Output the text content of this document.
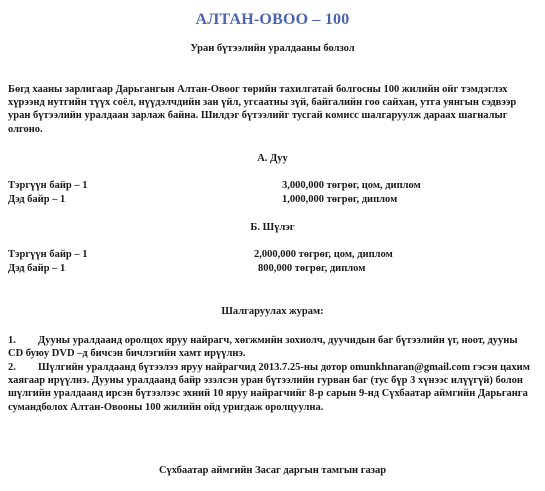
АЛТАН-ОВОО – 100
Уран бүтээлийн уралдааны болзол
Бөгд хааны зарлигаар Дарьгангын Алтан-Овоог төрийн тахилгатай болгосны 100 жилийн ойг тэмдэглэх хүрээнд нутгийн түүх соёл, нүүдэлчдийн зан үйл, угсаатны зүй, байгалийн гоо сайхан, утга уянгын сэдвээр уран бүтээлийн уралдаан зарлаж байна. Шилдэг бүтээлийг тусгай комисс шалгаруулж дараах шагналыг олгоно.
А. Дуу
Тэргүүн байр – 1	3,000,000 төгрөг, цом, диплом
Дэд байр – 1	1,000,000 төгрөг, диплом
Б. Шүлэг
Тэргүүн байр – 1	2,000,000 төгрөг, цом, диплом
Дэд байр – 1	800,000 төгрөг, диплом
Шалгаруулах журам:
1.	Дууны уралдаанд оролцох яруу найрагч, хөгжмийн зохиолч, дуучидын баг бүтээлийн үг, ноот, дууны CD буюу DVD –д бичсэн бичлэгийн хамт ирүүлнэ.
2.	Шүлгийн уралдаанд бүтээлээ яруу найрагчид 2013.7.25-ны дотор omunkhnaran@gmail.com гэсэн цахим хаягаар ирүүлнэ. Дууны уралдаанд байр эзэлсэн уран бүтээлийн гурван баг (тус бүр 3 хүнээс илүүгүй) болон шүлгийн уралдаанд ирсэн бүтээлээс эхний 10 яруу найрагчийг 8-р сарын 9-нд Сүхбаатар аймгийн Дарьганга сумандболох Алтан-Овооны 100 жилийн ойд уригдаж оролцуулна.
Сүхбаатар аймгийн Засаг даргын тамгын газар
